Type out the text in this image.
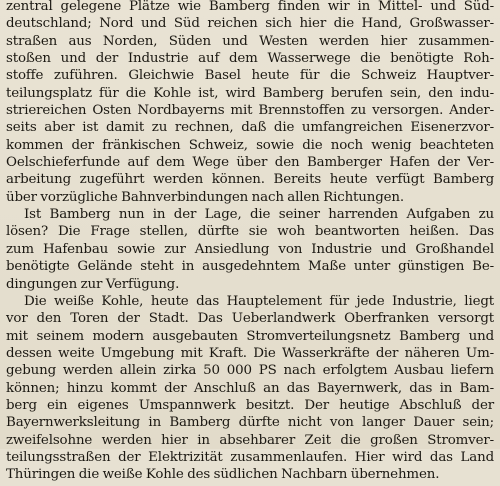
zentral gelegene Plätze wie Bamberg finden wir in Mittel- und Süd-
deutschland; Nord und Süd reichen sich hier die Hand, Großwasser-
straßen aus Norden, Süden und Westen werden hier zusammen-
stoßen und der Industrie auf dem Wasserwege die benötigte Roh-
stoffe zuführen. Gleichwie Basel heute für die Schweiz Hauptver-
teilungsplatz für die Kohle ist, wird Bamberg berufen sein, den indu-
striereichen Osten Nordbayerns mit Brennstoffen zu versorgen. Ander-
seits aber ist damit zu rechnen, daß die umfangreichen Eisenerzvor-
kommen der fränkischen Schweiz, sowie die noch wenig beachteten
Oelschieferfunde auf dem Wege über den Bamberger Hafen der Ver-
arbeitung zugeführt werden können. Bereits heute verfügt Bamberg
über vorzügliche Bahnverbindungen nach allen Richtungen.
Ist Bamberg nun in der Lage, die seiner harrenden Aufgaben zu
lösen? Die Frage stellen, dürfte sie woh beantworten heißen. Das
zum Hafenbau sowie zur Ansiedlung von Industrie und Großhandel
benötigte Gelände steht in ausgedehntem Maße unter günstigen Be-
dingungen zur Verfügung.
Die weiße Kohle, heute das Hauptelement für jede Industrie, liegt
vor den Toren der Stadt. Das Ueberlandwerk Oberfranken versorgt
mit seinem modern ausgebauten Stromverteilungsnetz Bamberg und
dessen weite Umgebung mit Kraft. Die Wasserkräfte der näheren Um-
gebung werden allein zirka 50 000 PS nach erfolgtem Ausbau liefern
können; hinzu kommt der Anschluß an das Bayernwerk, das in Bam-
berg ein eigenes Umspannwerk besitzt. Der heutige Abschluß der
Bayernwerksleitung in Bamberg dürfte nicht von langer Dauer sein;
zweifelsohne werden hier in absehbarer Zeit die großen Stromver-
teilungsstraßen der Elektrizität zusammenlaufen. Hier wird das Land
Thüringen die weiße Kohle des südlichen Nachbarn übernehmen.
